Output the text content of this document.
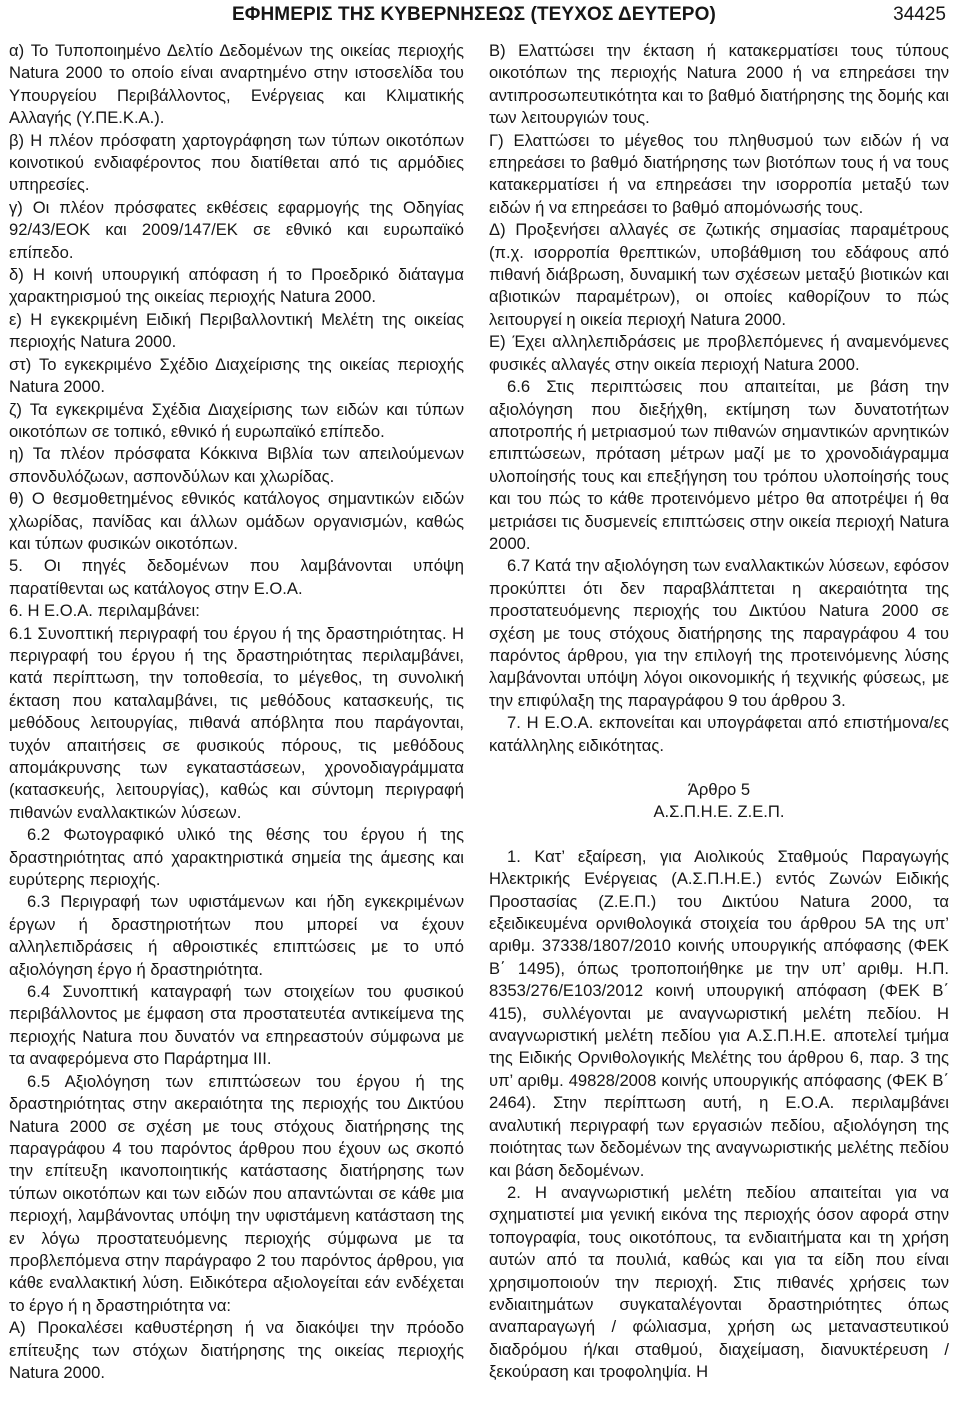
ΕΦΗΜΕΡΙΣ ΤΗΣ ΚΥΒΕΡΝΗΣΕΩΣ (ΤΕΥΧΟΣ ΔΕΥΤΕΡΟ)	34425

α) Το Τυποποιημένο Δελτίο Δεδομένων της οικείας περιοχής Natura 2000 το οποίο είναι αναρτημένο στην ιστοσελίδα του Υπουργείου Περιβάλλοντος, Ενέργειας και Κλιματικής Αλλαγής (Υ.ΠΕ.Κ.Α.).

β) Η πλέον πρόσφατη χαρτογράφηση των τύπων οικοτόπων κοινοτικού ενδιαφέροντος που διατίθεται από τις αρμόδιες υπηρεσίες.

γ) Οι πλέον πρόσφατες εκθέσεις εφαρμογής της Οδηγίας 92/43/ΕΟΚ και 2009/147/ΕΚ σε εθνικό και ευρωπαϊκό επίπεδο.

δ) Η κοινή υπουργική απόφαση ή το Προεδρικό διάταγμα χαρακτηρισμού της οικείας περιοχής Natura 2000.

ε) Η εγκεκριμένη Ειδική Περιβαλλοντική Μελέτη της οικείας περιοχής Natura 2000.

στ) Το εγκεκριμένο Σχέδιο Διαχείρισης της οικείας περιοχής Natura 2000.

ζ) Τα εγκεκριμένα Σχέδια Διαχείρισης των ειδών και τύπων οικοτόπων σε τοπικό, εθνικό ή ευρωπαϊκό επίπεδο.

η) Τα πλέον πρόσφατα Κόκκινα Βιβλία των απειλούμενων σπονδυλόζωων, ασπονδύλων και χλωρίδας.

θ) Ο θεσμοθετημένος εθνικός κατάλογος σημαντικών ειδών χλωρίδας, πανίδας και άλλων ομάδων οργανισμών, καθώς και τύπων φυσικών οικοτόπων.

5. Οι πηγές δεδομένων που λαμβάνονται υπόψη παρατίθενται ως κατάλογος στην Ε.Ο.Α.

6. Η Ε.Ο.Α. περιλαμβάνει:

6.1 Συνοπτική περιγραφή του έργου ή της δραστηριότητας. Η περιγραφή του έργου ή της δραστηριότητας περιλαμβάνει, κατά περίπτωση, την τοποθεσία, το μέγεθος, τη συνολική έκταση που καταλαμβάνει, τις μεθόδους κατασκευής, τις μεθόδους λειτουργίας, πιθανά απόβλητα που παράγονται, τυχόν απαιτήσεις σε φυσικούς πόρους, τις μεθόδους απομάκρυνσης των εγκαταστάσεων, χρονοδιαγράμματα (κατασκευής, λειτουργίας), καθώς και σύντομη περιγραφή πιθανών εναλλακτικών λύσεων.

6.2 Φωτογραφικό υλικό της θέσης του έργου ή της δραστηριότητας από χαρακτηριστικά σημεία της άμεσης και ευρύτερης περιοχής.

6.3 Περιγραφή των υφιστάμενων και ήδη εγκεκριμένων έργων ή δραστηριοτήτων που μπορεί να έχουν αλληλεπιδράσεις ή αθροιστικές επιπτώσεις με το υπό αξιολόγηση έργο ή δραστηριότητα.

6.4 Συνοπτική καταγραφή των στοιχείων του φυσικού περιβάλλοντος με έμφαση στα προστατευτέα αντικείμενα της περιοχής Natura που δυνατόν να επηρεαστούν σύμφωνα με τα αναφερόμενα στο Παράρτημα ΙΙΙ.

6.5 Αξιολόγηση των επιπτώσεων του έργου ή της δραστηριότητας στην ακεραιότητα της περιοχής του Δικτύου Natura 2000 σε σχέση με τους στόχους διατήρησης της παραγράφου 4 του παρόντος άρθρου που έχουν ως σκοπό την επίτευξη ικανοποιητικής κατάστασης διατήρησης των τύπων οικοτόπων και των ειδών που απαντώνται σε κάθε μια περιοχή, λαμβάνοντας υπόψη την υφιστάμενη κατάσταση της εν λόγω προστατευόμενης περιοχής σύμφωνα με τα προβλεπόμενα στην παράγραφο 2 του παρόντος άρθρου, για κάθε εναλλακτική λύση. Ειδικότερα αξιολογείται εάν ενδέχεται το έργο ή η δραστηριότητα να:

Α) Προκαλέσει καθυστέρηση ή να διακόψει την πρόοδο επίτευξης των στόχων διατήρησης της οικείας περιοχής Natura 2000.

Β) Ελαττώσει την έκταση ή κατακερματίσει τους τύπους οικοτόπων της περιοχής Natura 2000 ή να επηρεάσει την αντιπροσωπευτικότητα και το βαθμό διατήρησης της δομής και των λειτουργιών τους.

Γ) Ελαττώσει το μέγεθος του πληθυσμού των ειδών ή να επηρεάσει το βαθμό διατήρησης των βιοτόπων τους ή να τους κατακερματίσει ή να επηρεάσει την ισορροπία μεταξύ των ειδών ή να επηρεάσει το βαθμό απομόνωσής τους.

Δ) Προξενήσει αλλαγές σε ζωτικής σημασίας παραμέτρους (π.χ. ισορροπία θρεπτικών, υποβάθμιση του εδάφους από πιθανή διάβρωση, δυναμική των σχέσεων μεταξύ βιοτικών και αβιοτικών παραμέτρων), οι οποίες καθορίζουν το πώς λειτουργεί η οικεία περιοχή Natura 2000.

Ε) Έχει αλληλεπιδράσεις με προβλεπόμενες ή αναμενόμενες φυσικές αλλαγές στην οικεία περιοχή Natura 2000.

6.6 Στις περιπτώσεις που απαιτείται, με βάση την αξιολόγηση που διεξήχθη, εκτίμηση των δυνατοτήτων αποτροπής ή μετριασμού των πιθανών σημαντικών αρνητικών επιπτώσεων, πρόταση μέτρων μαζί με το χρονοδιάγραμμα υλοποίησής τους και επεξήγηση του τρόπου υλοποίησής τους και του πώς το κάθε προτεινόμενο μέτρο θα αποτρέψει ή θα μετριάσει τις δυσμενείς επιπτώσεις στην οικεία περιοχή Natura 2000.

6.7 Κατά την αξιολόγηση των εναλλακτικών λύσεων, εφόσον προκύπτει ότι δεν παραβλάπτεται η ακεραιότητα της προστατευόμενης περιοχής του Δικτύου Natura 2000 σε σχέση με τους στόχους διατήρησης της παραγράφου 4 του παρόντος άρθρου, για την επιλογή της προτεινόμενης λύσης λαμβάνονται υπόψη λόγοι οικονομικής ή τεχνικής φύσεως, με την επιφύλαξη της παραγράφου 9 του άρθρου 3.

7. Η Ε.Ο.Α. εκπονείται και υπογράφεται από επιστήμονα/ες κατάλληλης ειδικότητας.

Άρθρο 5

Α.Σ.Π.Η.Ε. Ζ.Ε.Π.

1. Κατ’ εξαίρεση, για Αιολικούς Σταθμούς Παραγωγής Ηλεκτρικής Ενέργειας (Α.Σ.Π.Η.Ε.) εντός Ζωνών Ειδικής Προστασίας (Ζ.Ε.Π.) του Δικτύου Natura 2000, τα εξειδικευμένα ορνιθολογικά στοιχεία του άρθρου 5Α της υπ’ αριθμ. 37338/1807/2010 κοινής υπουργικής απόφασης (ΦΕΚ Β΄ 1495), όπως τροποποιήθηκε με την υπ’ αριθμ. Η.Π. 8353/276/Ε103/2012 κοινή υπουργική απόφαση (ΦΕΚ Β΄ 415), συλλέγονται με αναγνωριστική μελέτη πεδίου. Η αναγνωριστική μελέτη πεδίου για Α.Σ.Π.Η.Ε. αποτελεί τμήμα της Ειδικής Ορνιθολογικής Μελέτης του άρθρου 6, παρ. 3 της υπ’ αριθμ. 49828/2008 κοινής υπουργικής απόφασης (ΦΕΚ Β΄ 2464). Στην περίπτωση αυτή, η Ε.Ο.Α. περιλαμβάνει αναλυτική περιγραφή των εργασιών πεδίου, αξιολόγηση της ποιότητας των δεδομένων της αναγνωριστικής μελέτης πεδίου και βάση δεδομένων.

2. Η αναγνωριστική μελέτη πεδίου απαιτείται για να σχηματιστεί μια γενική εικόνα της περιοχής όσον αφορά στην τοπογραφία, τους οικοτόπους, τα ενδιαιτήματα και τη χρήση αυτών από τα πουλιά, καθώς και για τα είδη που είναι χρησιμοποιούν την περιοχή. Στις πιθανές χρήσεις των ενδιαιτημάτων συγκαταλέγονται δραστηριότητες όπως αναπαραγωγή / φώλιασμα, χρήση ως μεταναστευτικού διαδρόμου ή/και σταθμού, διαχείμαση, διανυκτέρευση / ξεκούραση και τροφοληψία. Η
